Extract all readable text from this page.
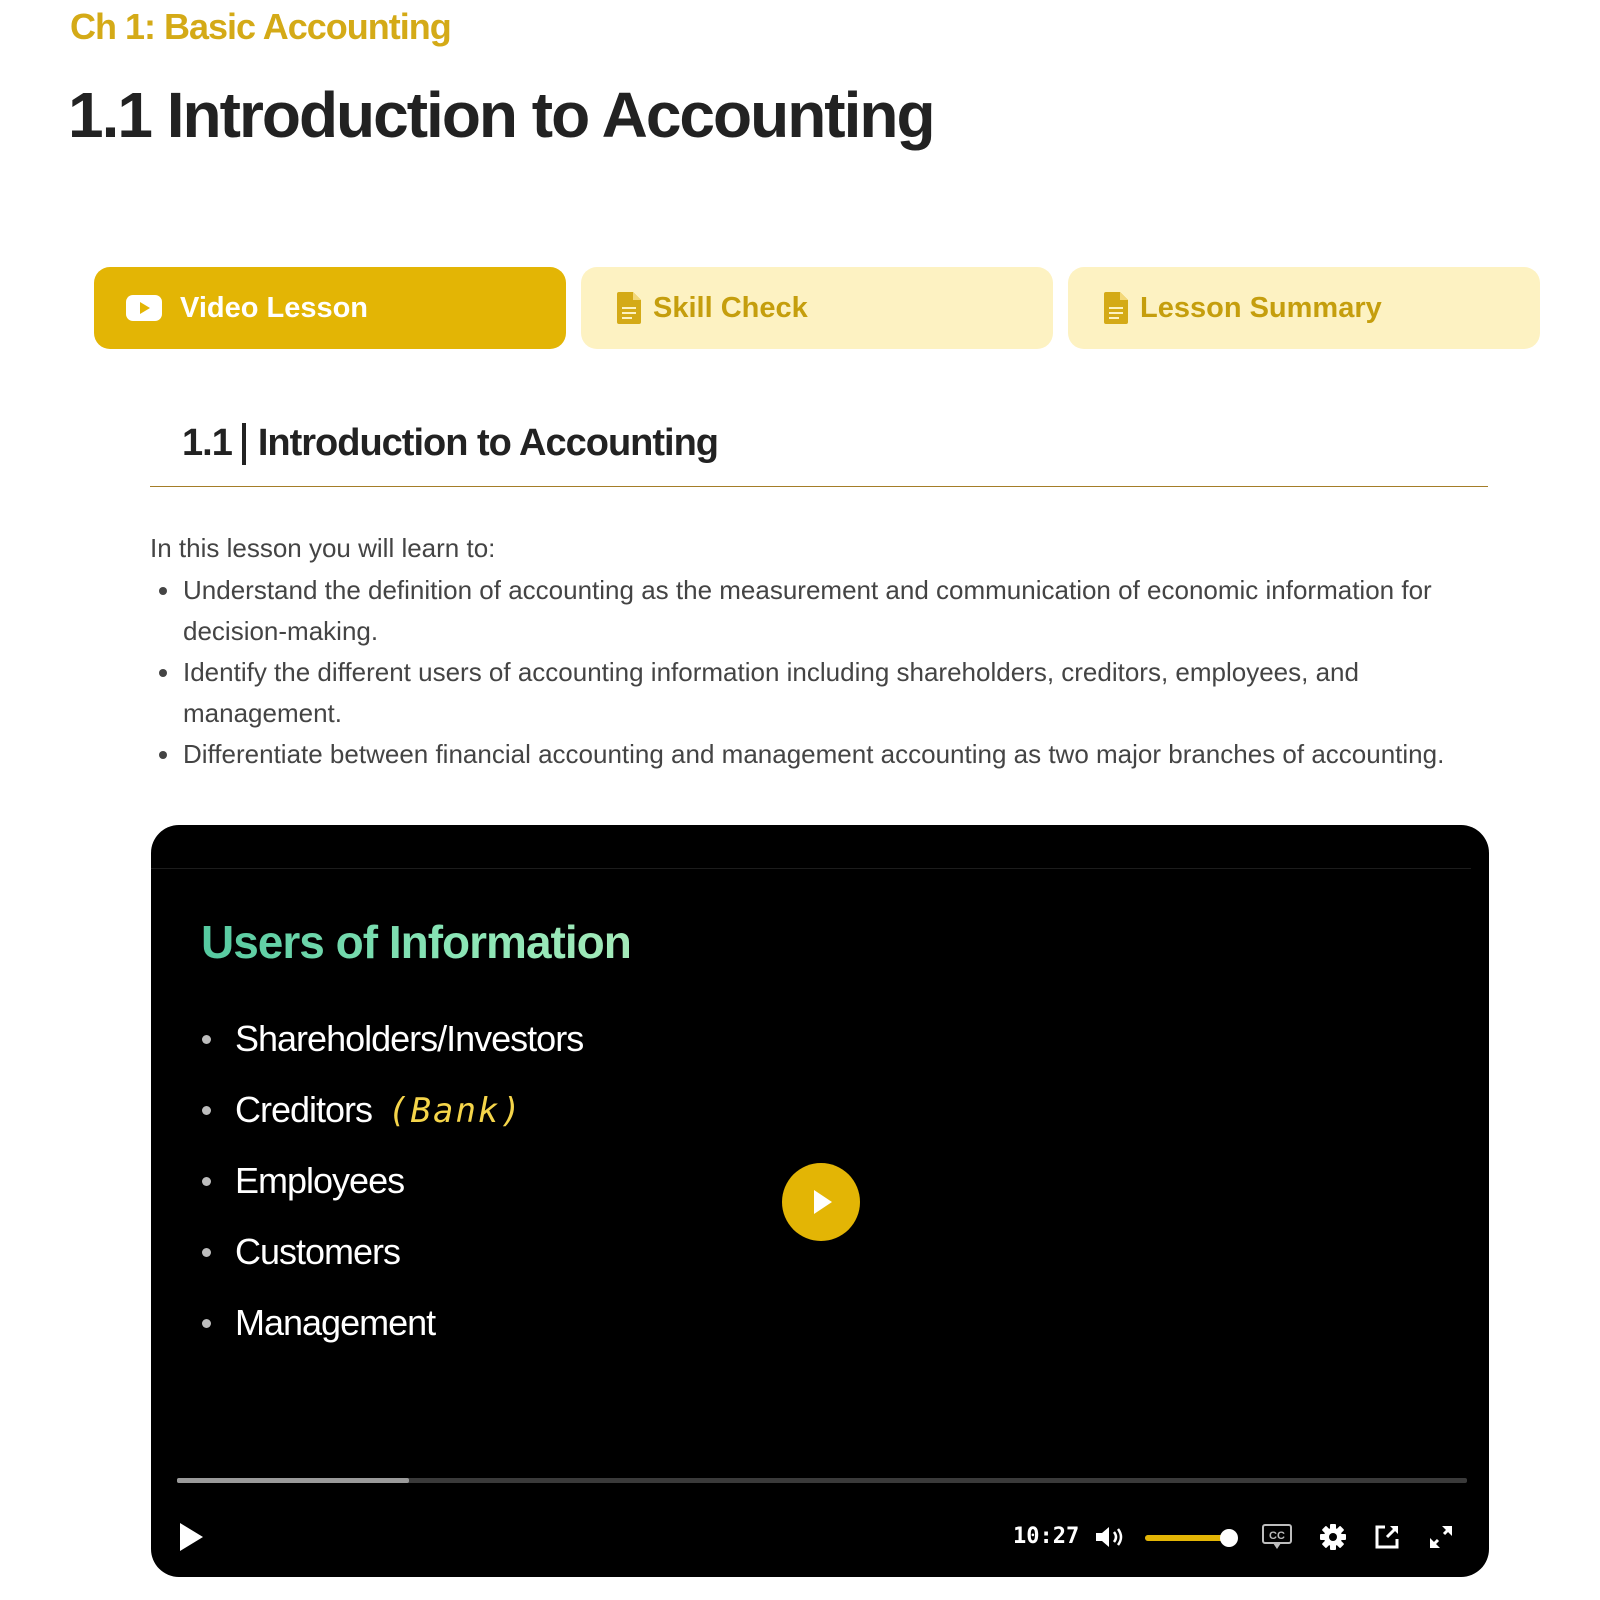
Ch 1: Basic Accounting
1.1 Introduction to Accounting
Video Lesson	Skill Check	Lesson Summary
1.1 Introduction to Accounting
In this lesson you will learn to:
Understand the definition of accounting as the measurement and communication of economic information for decision-making.
Identify the different users of accounting information including shareholders, creditors, employees, and management.
Differentiate between financial accounting and management accounting as two major branches of accounting.
Users of Information
Shareholders/Investors
Creditors (Bank)
Employees
Customers
Management
10:27	CC
